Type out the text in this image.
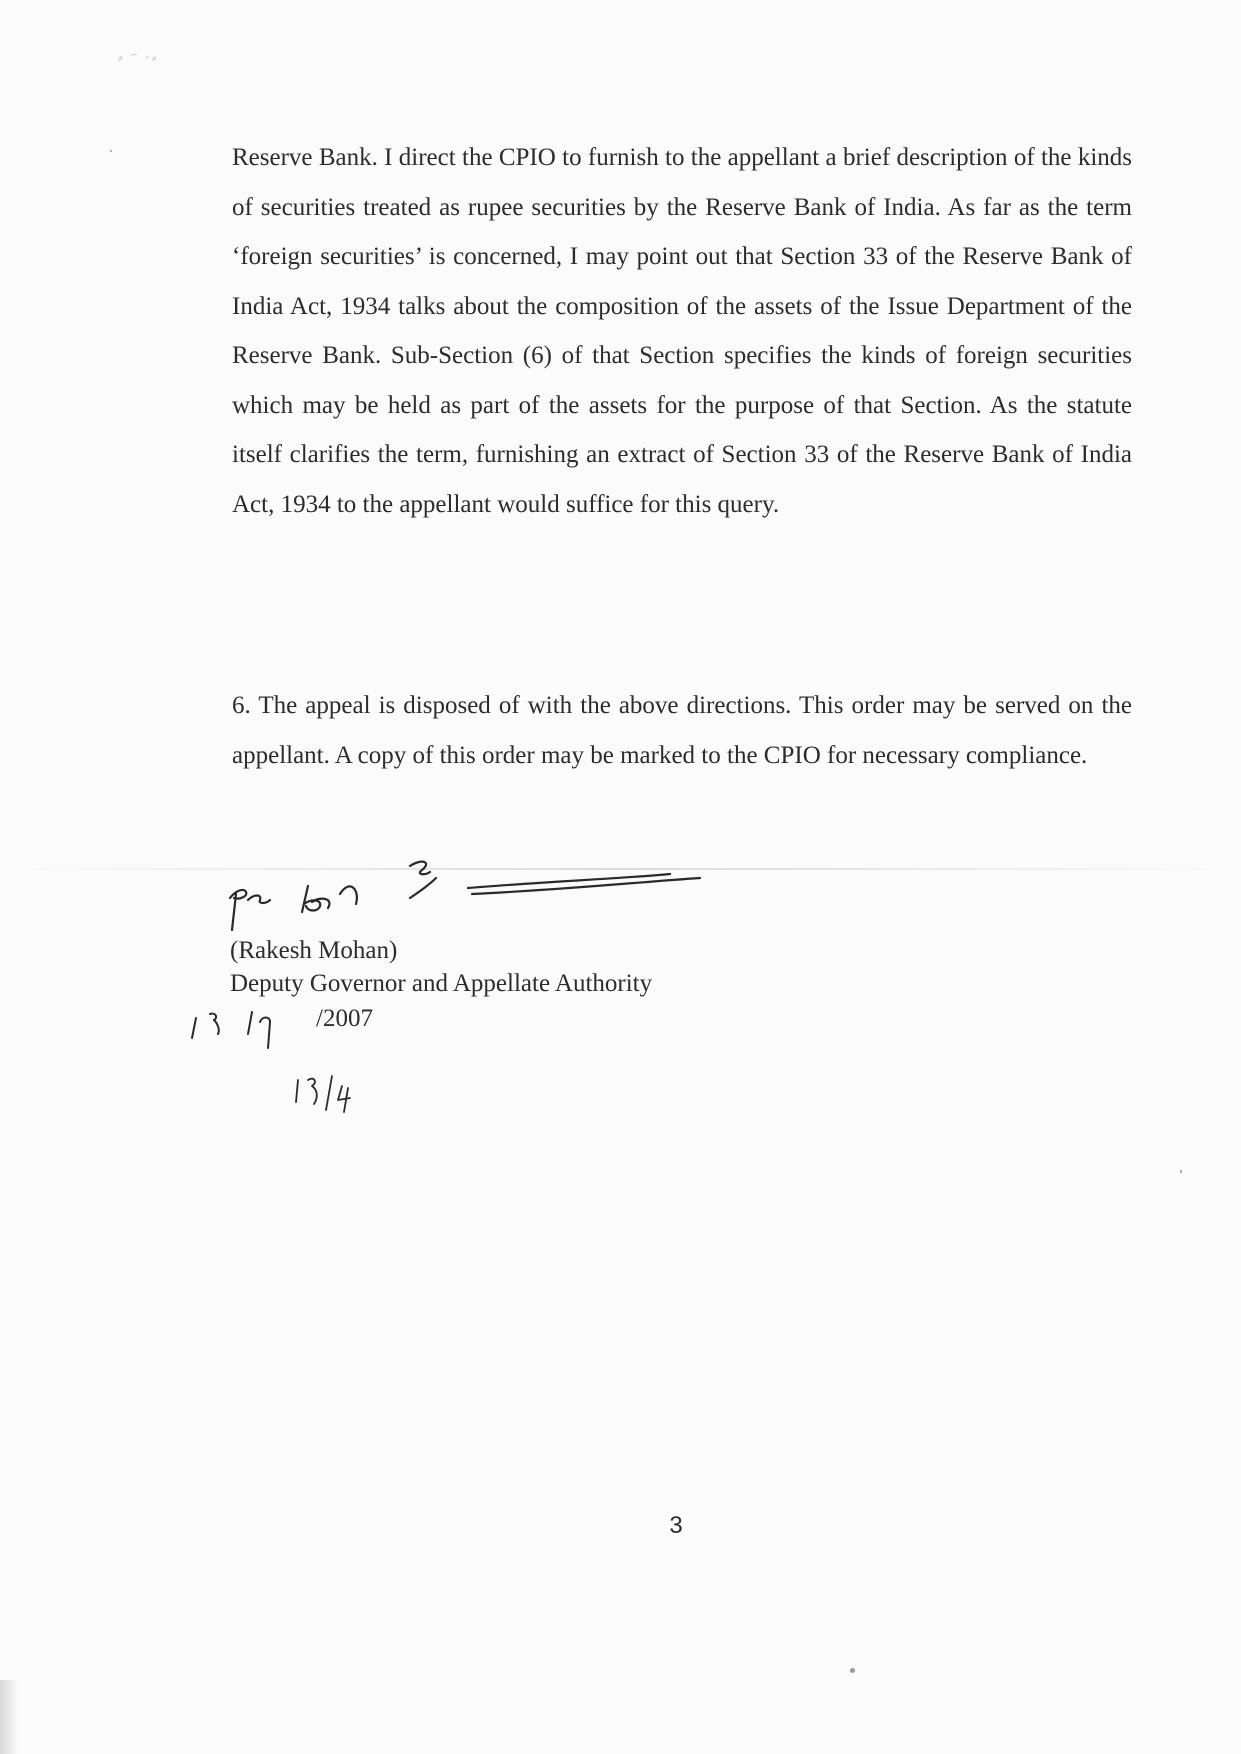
⸗ ⁻ ·⸗

Reserve Bank. I direct the CPIO to furnish to the appellant a brief description of the kinds of securities treated as rupee securities by the Reserve Bank of India. As far as the term ‘foreign securities’ is concerned, I may point out that Section 33 of the Reserve Bank of India Act, 1934 talks about the composition of the assets of the Issue Department of the Reserve Bank. Sub-Section (6) of that Section specifies the kinds of foreign securities which may be held as part of the assets for the purpose of that Section. As the statute itself clarifies the term, furnishing an extract of Section 33 of the Reserve Bank of India Act, 1934 to the appellant would suffice for this query.

6. The appeal is disposed of with the above directions. This order may be served on the appellant. A copy of this order may be marked to the CPIO for necessary compliance.

(Rakesh Mohan)
Deputy Governor and Appellate Authority
/2007
3
